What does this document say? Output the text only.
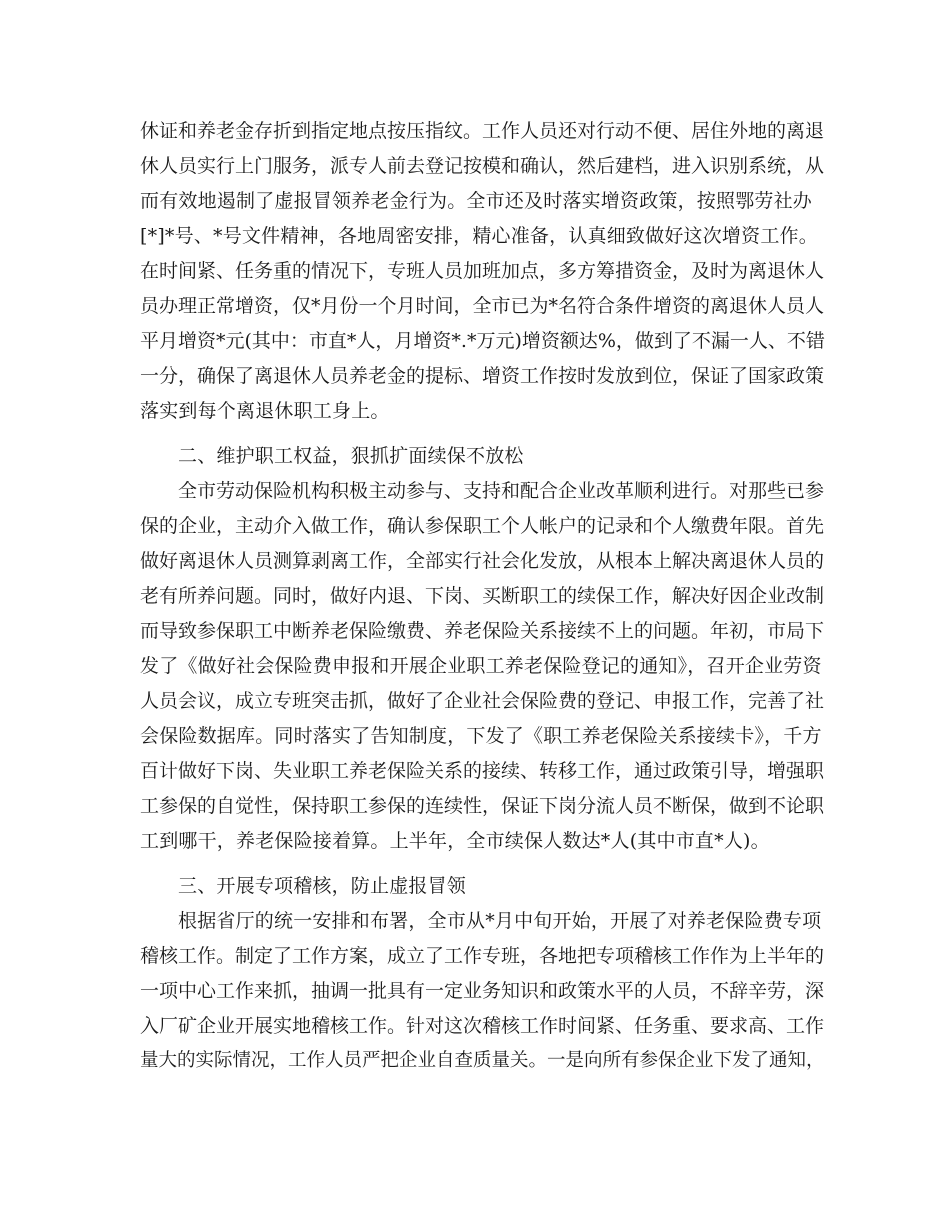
休证和养老金存折到指定地点按压指纹。工作人员还对行动不便、居住外地的离退
休人员实行上门服务，派专人前去登记按模和确认，然后建档，进入识别系统，从
而有效地遏制了虚报冒领养老金行为。全市还及时落实增资政策，按照鄂劳社办
[*]*号、*号文件精神，各地周密安排，精心准备，认真细致做好这次增资工作。
在时间紧、任务重的情况下，专班人员加班加点，多方筹措资金，及时为离退休人
员办理正常增资，仅*月份一个月时间，全市已为*名符合条件增资的离退休人员人
平月增资*元(其中：市直*人，月增资*.*万元)增资额达%，做到了不漏一人、不错
一分，确保了离退休人员养老金的提标、增资工作按时发放到位，保证了国家政策
落实到每个离退休职工身上。
二、维护职工权益，狠抓扩面续保不放松
全市劳动保险机构积极主动参与、支持和配合企业改革顺利进行。对那些已参
保的企业，主动介入做工作，确认参保职工个人帐户的记录和个人缴费年限。首先
做好离退休人员测算剥离工作，全部实行社会化发放，从根本上解决离退休人员的
老有所养问题。同时，做好内退、下岗、买断职工的续保工作，解决好因企业改制
而导致参保职工中断养老保险缴费、养老保险关系接续不上的问题。年初，市局下
发了《做好社会保险费申报和开展企业职工养老保险登记的通知》，召开企业劳资
人员会议，成立专班突击抓，做好了企业社会保险费的登记、申报工作，完善了社
会保险数据库。同时落实了告知制度，下发了《职工养老保险关系接续卡》，千方
百计做好下岗、失业职工养老保险关系的接续、转移工作，通过政策引导，增强职
工参保的自觉性，保持职工参保的连续性，保证下岗分流人员不断保，做到不论职
工到哪干，养老保险接着算。上半年，全市续保人数达*人(其中市直*人)。
三、开展专项稽核，防止虚报冒领
根据省厅的统一安排和布署，全市从*月中旬开始，开展了对养老保险费专项
稽核工作。制定了工作方案，成立了工作专班，各地把专项稽核工作作为上半年的
一项中心工作来抓，抽调一批具有一定业务知识和政策水平的人员，不辞辛劳，深
入厂矿企业开展实地稽核工作。针对这次稽核工作时间紧、任务重、要求高、工作
量大的实际情况，工作人员严把企业自查质量关。一是向所有参保企业下发了通知，
